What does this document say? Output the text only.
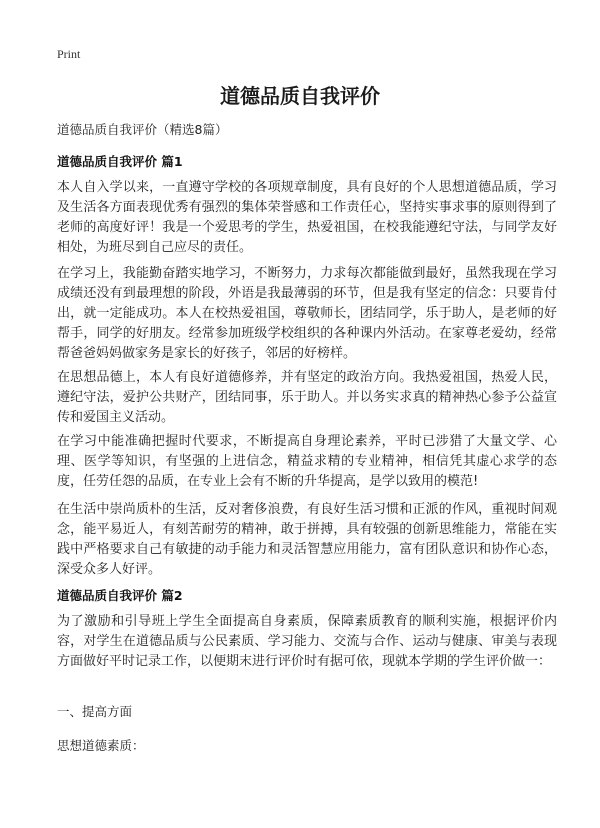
Print
道德品质自我评价
道德品质自我评价（精选8篇）
道德品质自我评价 篇1
本人自入学以来，一直遵守学校的各项规章制度，具有良好的个人思想道德品质，学习及生活各方面表现优秀有强烈的集体荣誉感和工作责任心，坚持实事求事的原则得到了老师的高度好评！我是一个爱思考的学生，热爱祖国，在校我能遵纪守法，与同学友好相处，为班尽到自己应尽的责任。
在学习上，我能勤奋踏实地学习，不断努力，力求每次都能做到最好，虽然我现在学习成绩还没有到最理想的阶段，外语是我最薄弱的环节，但是我有坚定的信念：只要肯付出，就一定能成功。本人在校热爱祖国，尊敬师长，团结同学，乐于助人，是老师的好帮手，同学的好朋友。经常参加班级学校组织的各种课内外活动。在家尊老爱幼，经常帮爸爸妈妈做家务是家长的好孩子，邻居的好榜样。
在思想品德上，本人有良好道德修养，并有坚定的政治方向。我热爱祖国，热爱人民，遵纪守法，爱护公共财产，团结同事，乐于助人。并以务实求真的精神热心参予公益宣传和爱国主义活动。
在学习中能准确把握时代要求，不断提高自身理论素养，平时已涉猎了大量文学、心理、医学等知识，有坚强的上进信念，精益求精的专业精神，相信凭其虚心求学的态度，任劳任怨的品质，在专业上会有不断的升华提高，是学以致用的模范!
在生活中崇尚质朴的生活，反对奢侈浪费，有良好生活习惯和正派的作风，重视时间观念，能平易近人，有刻苦耐劳的精神，敢于拼搏，具有较强的创新思维能力，常能在实践中严格要求自己有敏捷的动手能力和灵活智慧应用能力，富有团队意识和协作心态，深受众多人好评。
道德品质自我评价 篇2
为了激励和引导班上学生全面提高自身素质，保障素质教育的顺利实施，根据评价内容，对学生在道德品质与公民素质、学习能力、交流与合作、运动与健康、审美与表现方面做好平时记录工作，以便期末进行评价时有据可依，现就本学期的学生评价做一：
一、提高方面
思想道德素质：
